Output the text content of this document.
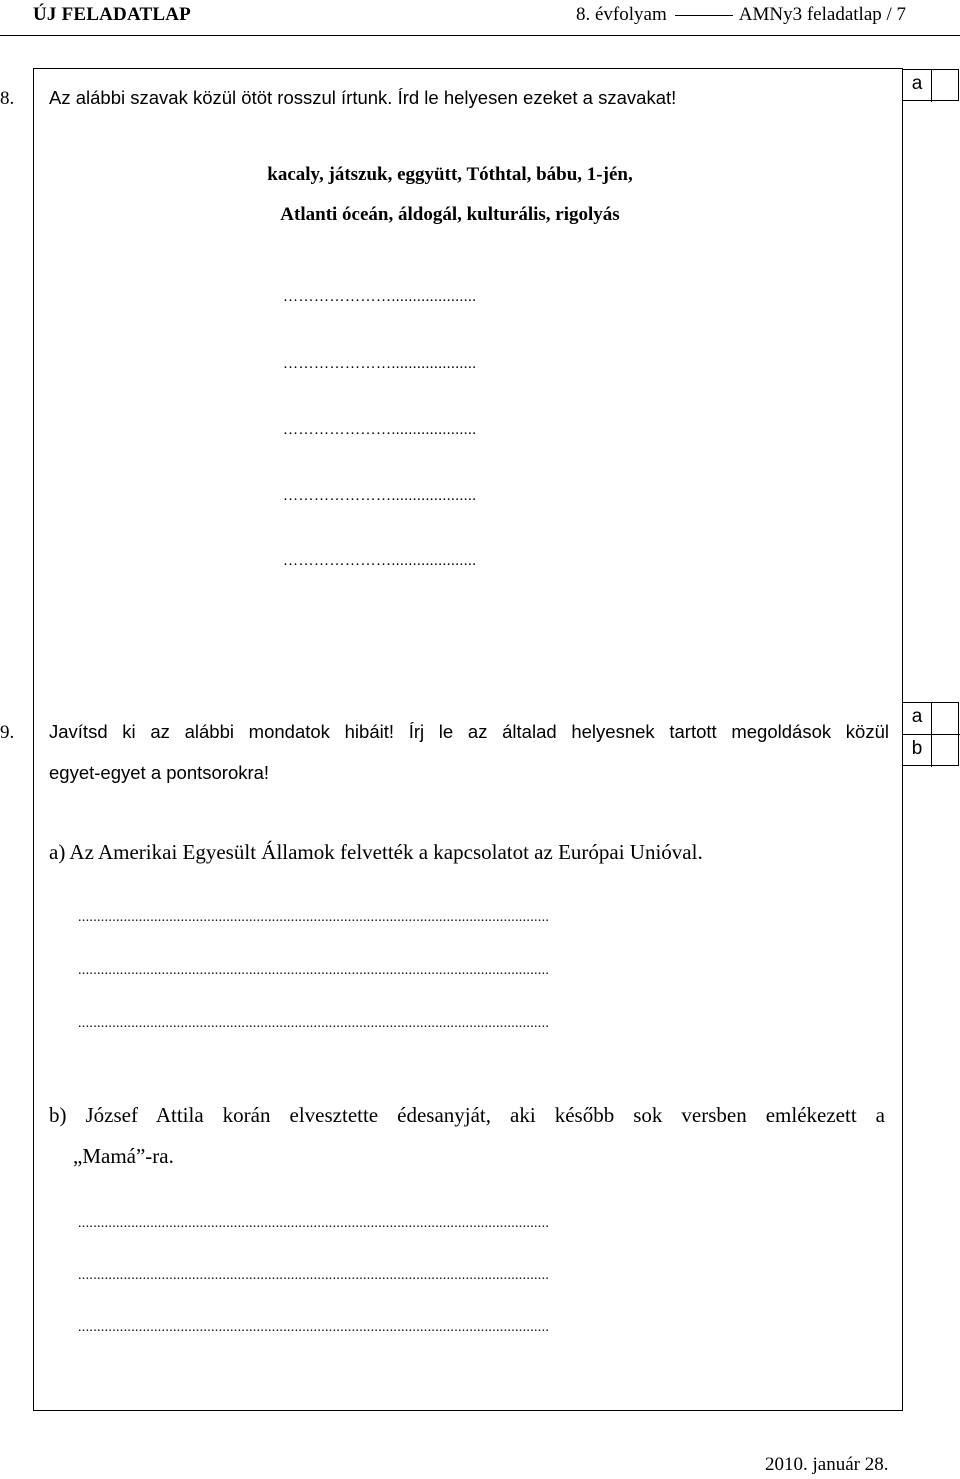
ÚJ FELADATLAP	8. évfolyam	AMNy3 feladatlap / 7
8. Az alábbi szavak közül ötöt rosszul írtunk. Írd le helyesen ezeket a szavakat!
a
kacaly, játszuk, eggyütt, Tóthtal, bábu, 1-jén,
Atlanti óceán, áldogál, kulturális, rigolyás
…………………....................
…………………....................
…………………....................
…………………....................
…………………....................
9. Javítsd ki az alábbi mondatok hibáit! Írj le az általad helyesnek tartott megoldások közül
egyet-egyet a pontsorokra!
a
b
a) Az Amerikai Egyesült Államok felvették a kapcsolatot az Európai Unióval.
............................................................................................................................
............................................................................................................................
............................................................................................................................
b) József Attila korán elvesztette édesanyját, aki később sok versben emlékezett a
„Mamá”-ra.
............................................................................................................................
............................................................................................................................
............................................................................................................................
2010. január 28.
